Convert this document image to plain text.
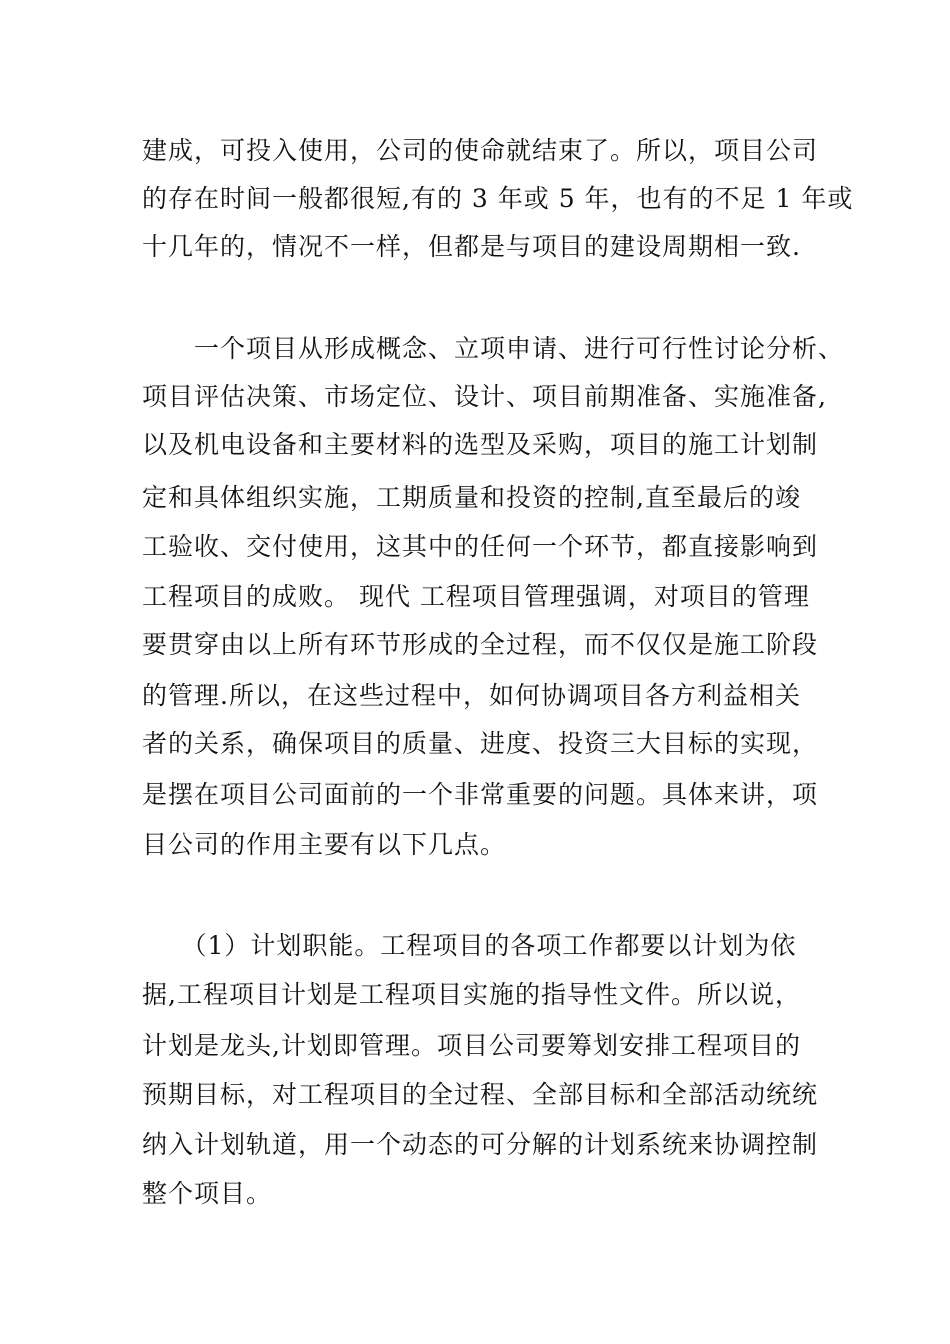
建成，可投入使用，公司的使命就结束了。所以，项目公司
的存在时间一般都很短,有的 3 年或 5 年，也有的不足 1 年或
十几年的，情况不一样，但都是与项目的建设周期相一致.
　　一个项目从形成概念、立项申请、进行可行性讨论分析、
项目评估决策、市场定位、设计、项目前期准备、实施准备,
以及机电设备和主要材料的选型及采购，项目的施工计划制
定和具体组织实施，工期质量和投资的控制,直至最后的竣
工验收、交付使用，这其中的任何一个环节，都直接影响到
工程项目的成败。 现代 工程项目管理强调，对项目的管理
要贯穿由以上所有环节形成的全过程，而不仅仅是施工阶段
的管理.所以，在这些过程中，如何协调项目各方利益相关
者的关系，确保项目的质量、进度、投资三大目标的实现，
是摆在项目公司面前的一个非常重要的问题。具体来讲，项
目公司的作用主要有以下几点。
　　（1）计划职能。工程项目的各项工作都要以计划为依
据,工程项目计划是工程项目实施的指导性文件。所以说，
计划是龙头,计划即管理。项目公司要筹划安排工程项目的
预期目标，对工程项目的全过程、全部目标和全部活动统统
纳入计划轨道，用一个动态的可分解的计划系统来协调控制
整个项目。
